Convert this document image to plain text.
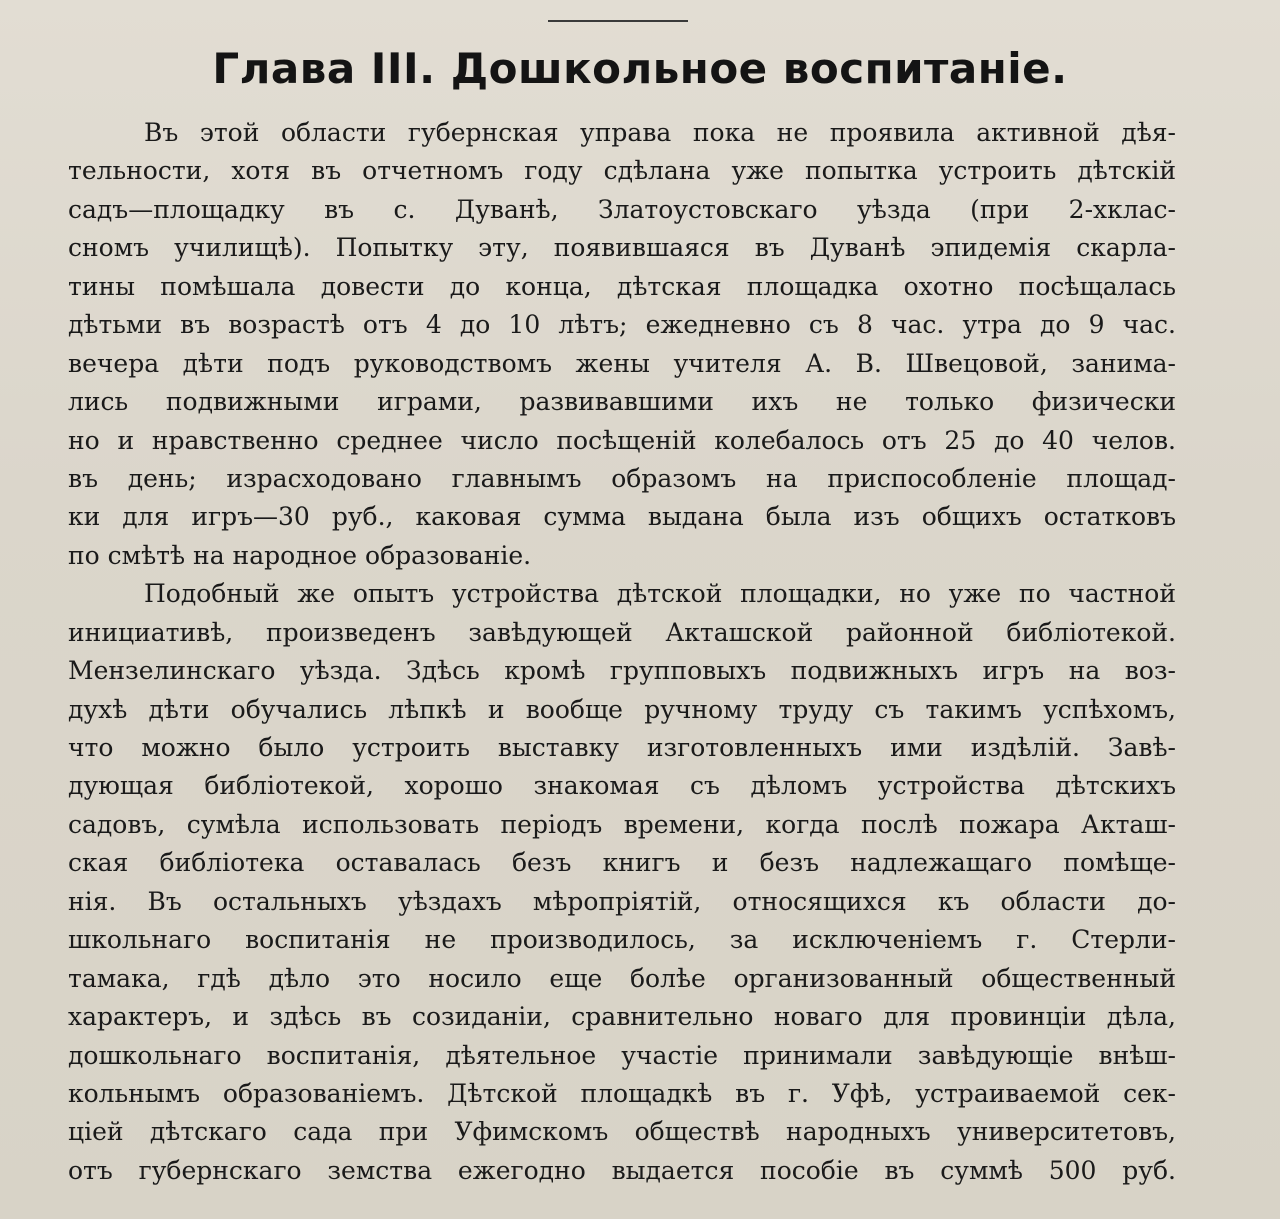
Глава III. Дошкольное воспитаніе.
Въ этой области губернская управа пока не проявила активной дѣя-
тельности, хотя въ отчетномъ году сдѣлана уже попытка устроить дѣтскій
садъ—площадку въ с. Дуванѣ, Златоустовскаго уѣзда (при 2-хклас-
сномъ училищѣ). Попытку эту, появившаяся въ Дуванѣ эпидемія скарла-
тины помѣшала довести до конца, дѣтская площадка охотно посѣщалась
дѣтьми въ возрастѣ отъ 4 до 10 лѣтъ; ежедневно съ 8 час. утра до 9 час.
вечера дѣти подъ руководствомъ жены учителя А. В. Швецовой, занима-
лись подвижными играми, развивавшими ихъ не только физически
но и нравственно среднее число посѣщеній колебалось отъ 25 до 40 челов.
въ день; израсходовано главнымъ образомъ на приспособленіе площад-
ки для игръ—30 руб., каковая сумма выдана была изъ общихъ остатковъ
по смѣтѣ на народное образованіе.
Подобный же опытъ устройства дѣтской площадки, но уже по частной
инициативѣ, произведенъ завѣдующей Акташской районной библіотекой.
Мензелинскаго уѣзда. Здѣсь кромѣ групповыхъ подвижныхъ игръ на воз-
духѣ дѣти обучались лѣпкѣ и вообще ручному труду съ такимъ успѣхомъ,
что можно было устроить выставку изготовленныхъ ими издѣлій. Завѣ-
дующая библіотекой, хорошо знакомая съ дѣломъ устройства дѣтскихъ
садовъ, сумѣла использовать періодъ времени, когда послѣ пожара Акташ-
ская библіотека оставалась безъ книгъ и безъ надлежащаго помѣще-
нія. Въ остальныхъ уѣздахъ мѣропріятій, относящихся къ области до-
школьнаго воспитанія не производилось, за исключеніемъ г. Стерли-
тамака, гдѣ дѣло это носило еще болѣе организованный общественный
характеръ, и здѣсь въ созиданіи, сравнительно новаго для провинціи дѣла,
дошкольнаго воспитанія, дѣятельное участіе принимали завѣдующіе внѣш-
кольнымъ образованіемъ. Дѣтской площадкѣ въ г. Уфѣ, устраиваемой сек-
ціей дѣтскаго сада при Уфимскомъ обществѣ народныхъ университетовъ,
отъ губернскаго земства ежегодно выдается пособіе въ суммѣ 500 руб.
